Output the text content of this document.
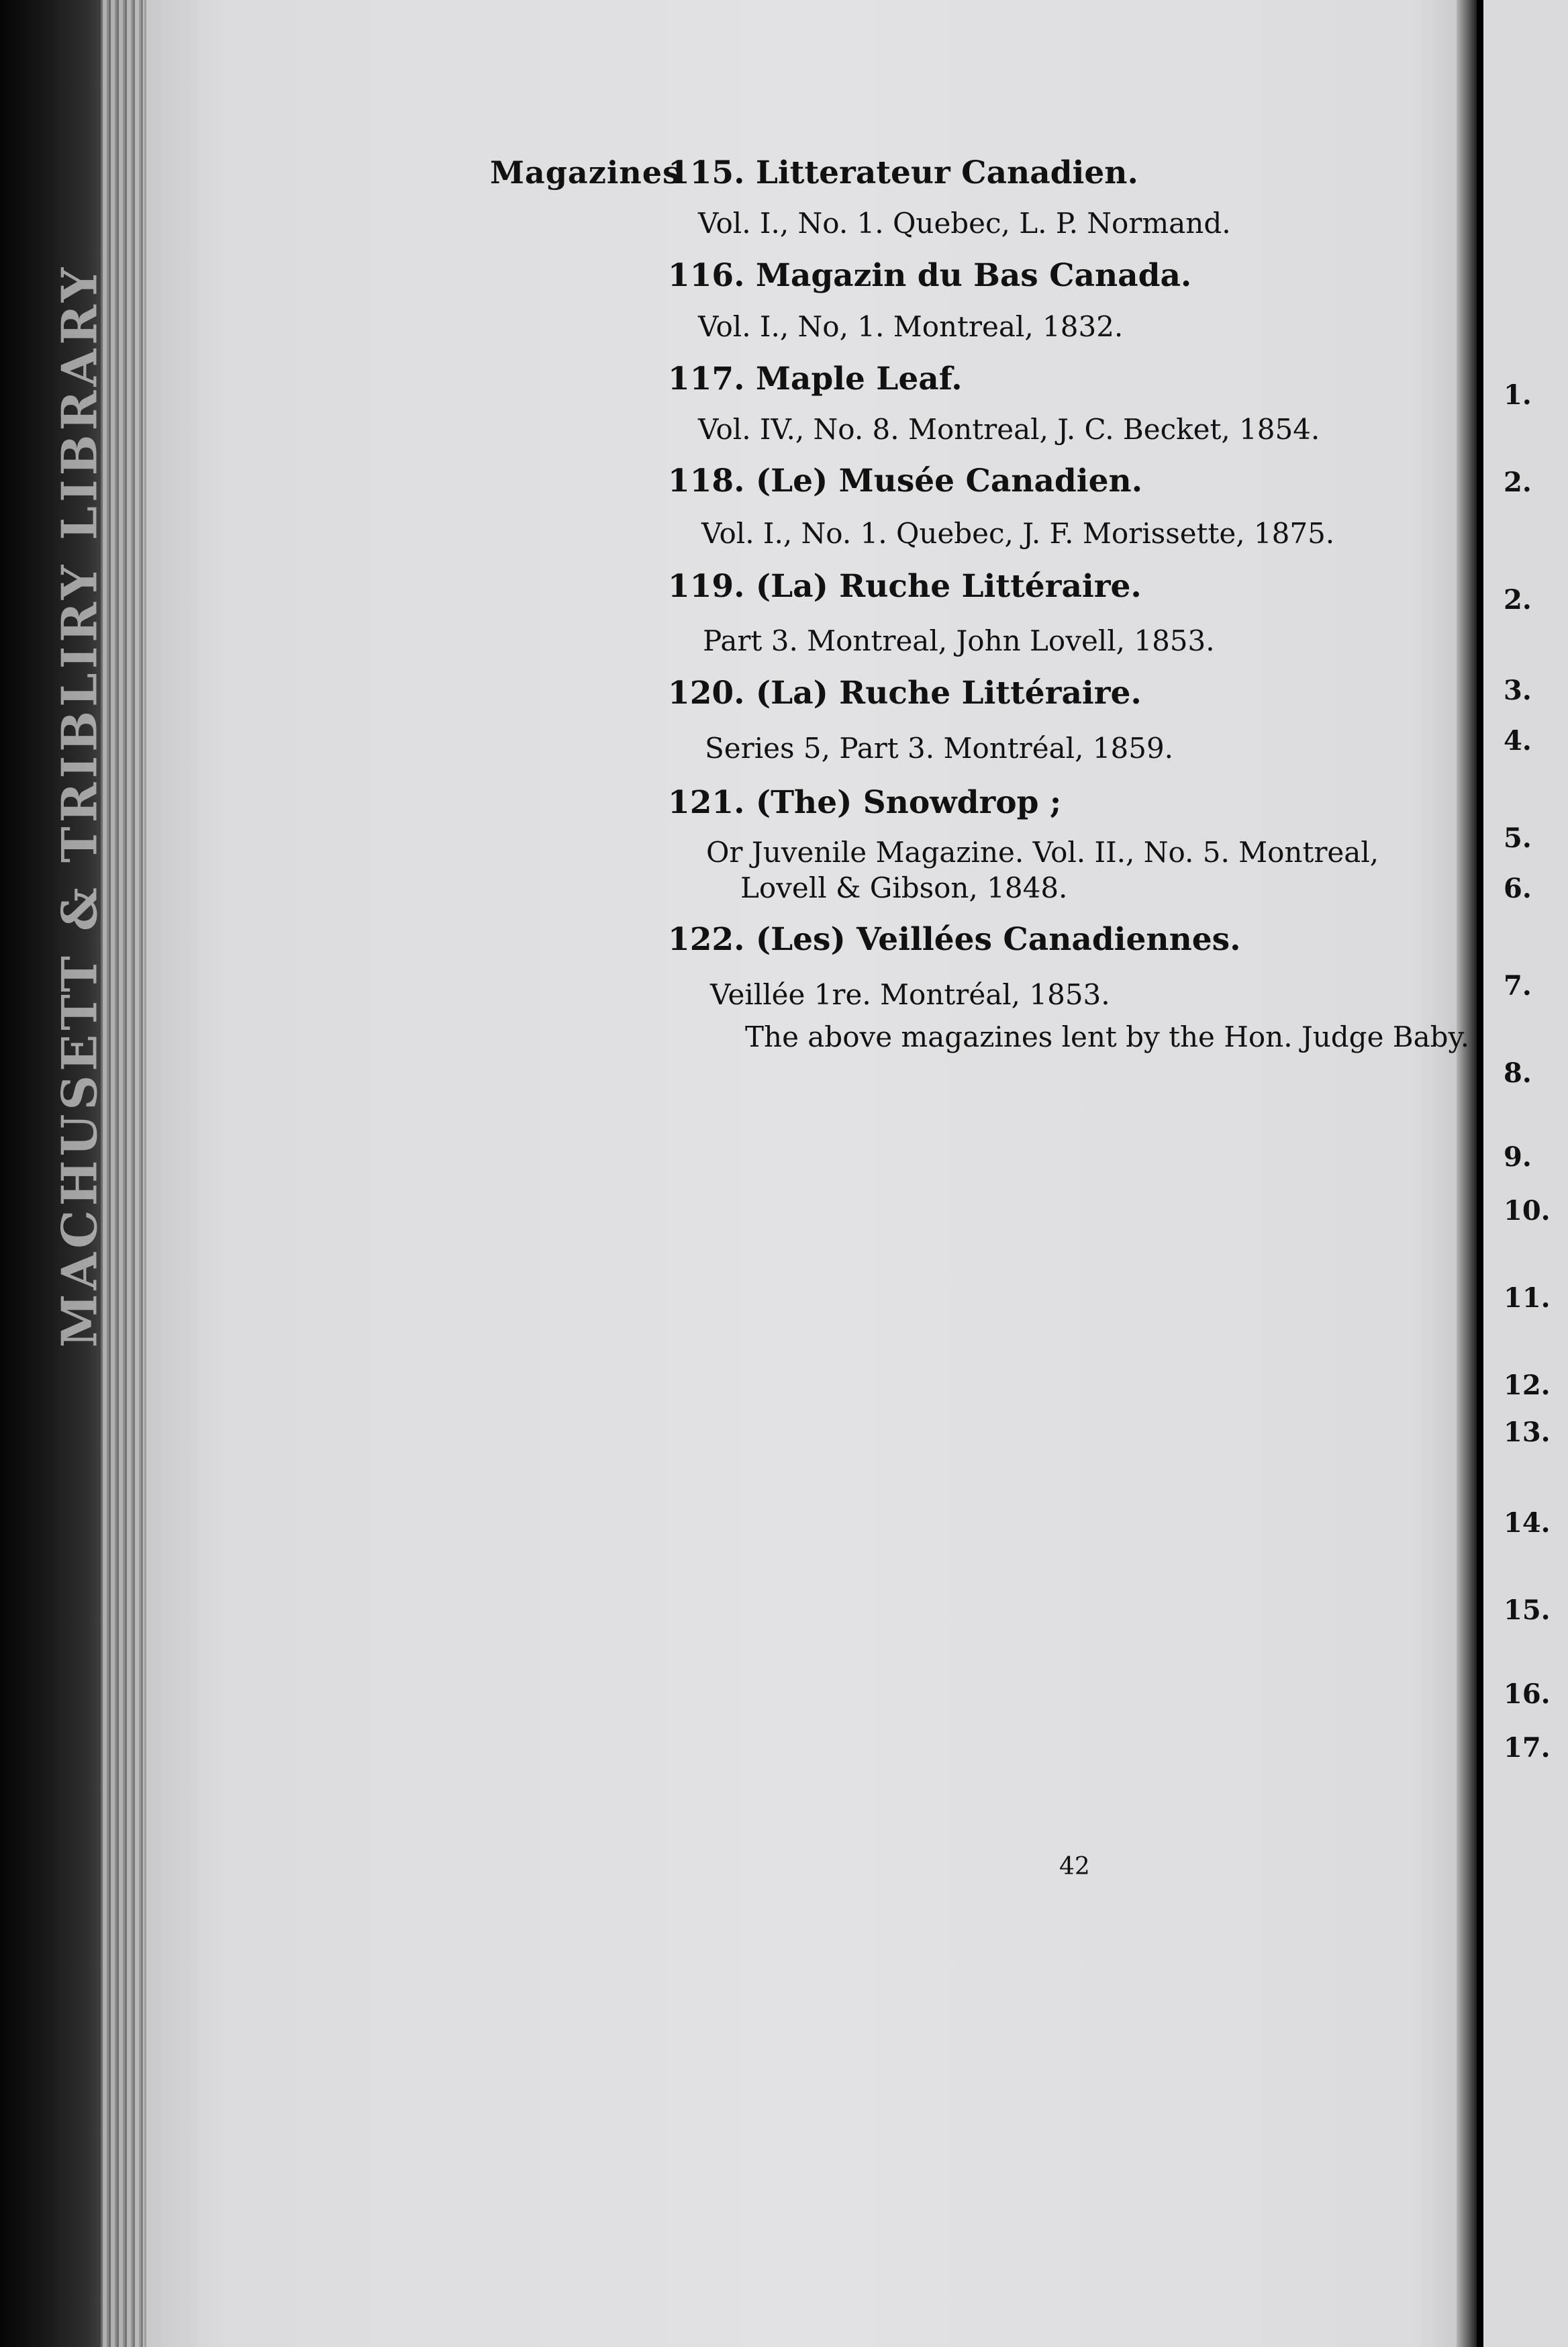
MACHUSETT & TRIBLIRY LIBRARY	1.
2.
2.
3.
4.
5.
6.
7.
8.
9.
10.
11.
12.
13.
14.
15.
16.
17.
Magazines
115. Litterateur Canadien.
Vol. I., No. 1. Quebec, L. P. Normand.
116. Magazin du Bas Canada.
Vol. I., No, 1. Montreal, 1832.
117. Maple Leaf.
Vol. IV., No. 8. Montreal, J. C. Becket, 1854.
118. (Le) Musée Canadien.
Vol. I., No. 1. Quebec, J. F. Morissette, 1875.
119. (La) Ruche Littéraire.
Part 3. Montreal, John Lovell, 1853.
120. (La) Ruche Littéraire.
Series 5, Part 3. Montréal, 1859.
121. (The) Snowdrop ;
Or Juvenile Magazine. Vol. II., No. 5. Montreal,
Lovell & Gibson, 1848.
122. (Les) Veillées Canadiennes.
Veillée 1re. Montréal, 1853.
The above magazines lent by the Hon. Judge Baby.
42
